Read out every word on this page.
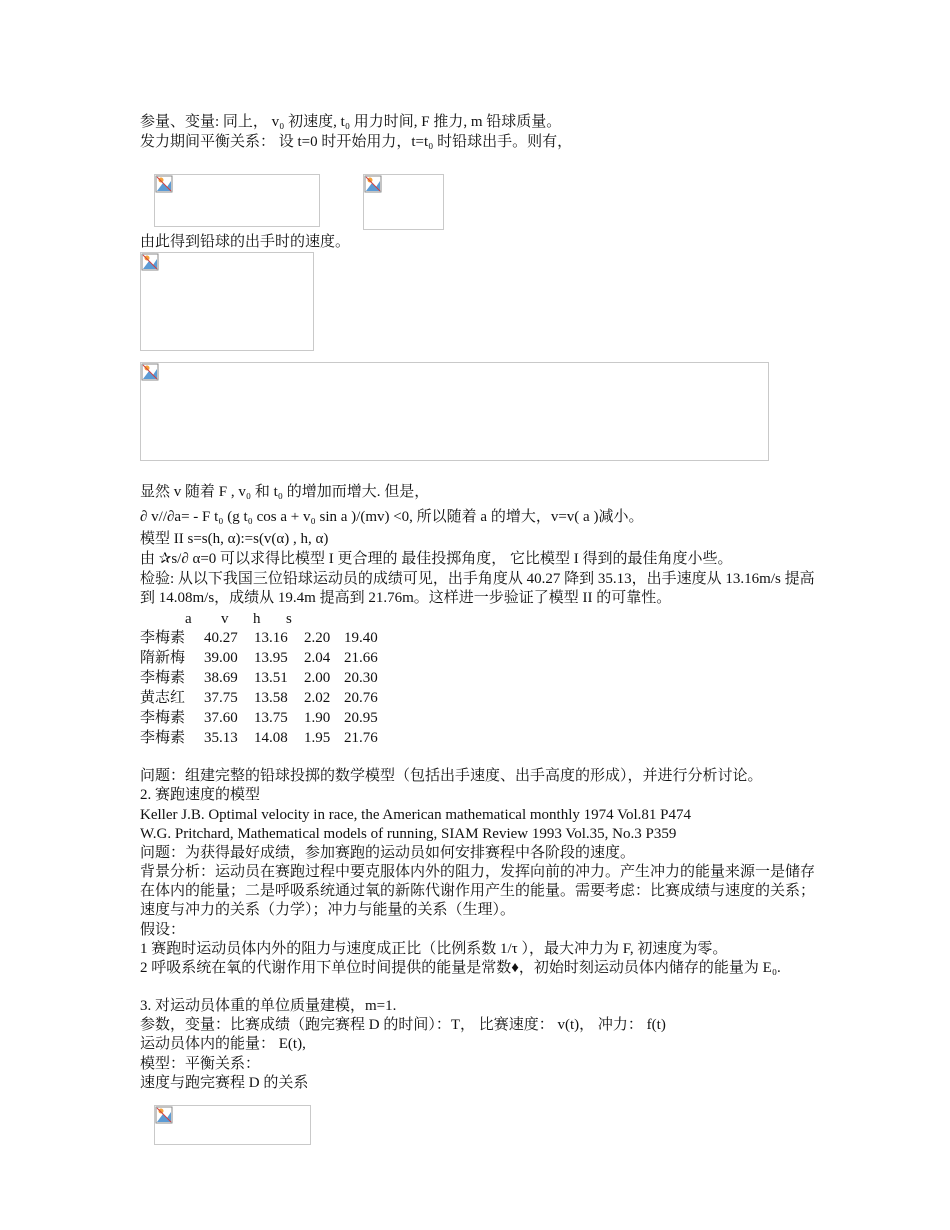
参量、变量: 同上， v₀ 初速度, t₀ 用力时间, F 推力, m 铅球质量。
发力期间平衡关系： 设 t=0 时开始用力，t=t₀ 时铅球出手。则有，
由此得到铅球的出手时的速度。
显然 v 随着 F , v₀ 和 t₀ 的增加而增大. 但是，
∂ v//∂a= - F t₀ (g t₀ cos a + v₀ sin a )/(mv) <0, 所以随着 a 的增大，v=v( a )减小。
模型 II s=s(h, α):=s(v(α) , h, α)
由 ✰s/∂ α=0 可以求得比模型 I 更合理的 最佳投掷角度， 它比模型 I 得到的最佳角度小些。
检验: 从以下我国三位铅球运动员的成绩可见，出手角度从 40.27 降到 35.13，出手速度从 13.16m/s 提高到 14.08m/s，成绩从 19.4m 提高到 21.76m。这样进一步验证了模型 II 的可靠性。
a v h s
李梅素	40.27	13.16	2.20	19.40
隋新梅	39.00	13.95	2.04	21.66
李梅素	38.69	13.51	2.00	20.30
黄志红	37.75	13.58	2.02	20.76
李梅素	37.60	13.75	1.90	20.95
李梅素	35.13	14.08	1.95	21.76
问题：组建完整的铅球投掷的数学模型（包括出手速度、出手高度的形成），并进行分析讨论。
2. 赛跑速度的模型
Keller J.B. Optimal velocity in race, the American mathematical monthly 1974 Vol.81 P474
W.G. Pritchard, Mathematical models of running, SIAM Review 1993 Vol.35, No.3 P359
问题：为获得最好成绩，参加赛跑的运动员如何安排赛程中各阶段的速度。
背景分析：运动员在赛跑过程中要克服体内外的阻力，发挥向前的冲力。产生冲力的能量来源一是储存在体内的能量；二是呼吸系统通过氧的新陈代谢作用产生的能量。需要考虑：比赛成绩与速度的关系；速度与冲力的关系（力学）；冲力与能量的关系（生理）。
假设：
1 赛跑时运动员体内外的阻力与速度成正比（比例系数 1/τ ），最大冲力为 F, 初速度为零。
2 呼吸系统在氧的代谢作用下单位时间提供的能量是常数♦，初始时刻运动员体内储存的能量为 E₀.
3. 对运动员体重的单位质量建模，m=1.
参数，变量：比赛成绩（跑完赛程 D 的时间）：T， 比赛速度： v(t)， 冲力： f(t)
运动员体内的能量： E(t),
模型：平衡关系：
速度与跑完赛程 D 的关系
